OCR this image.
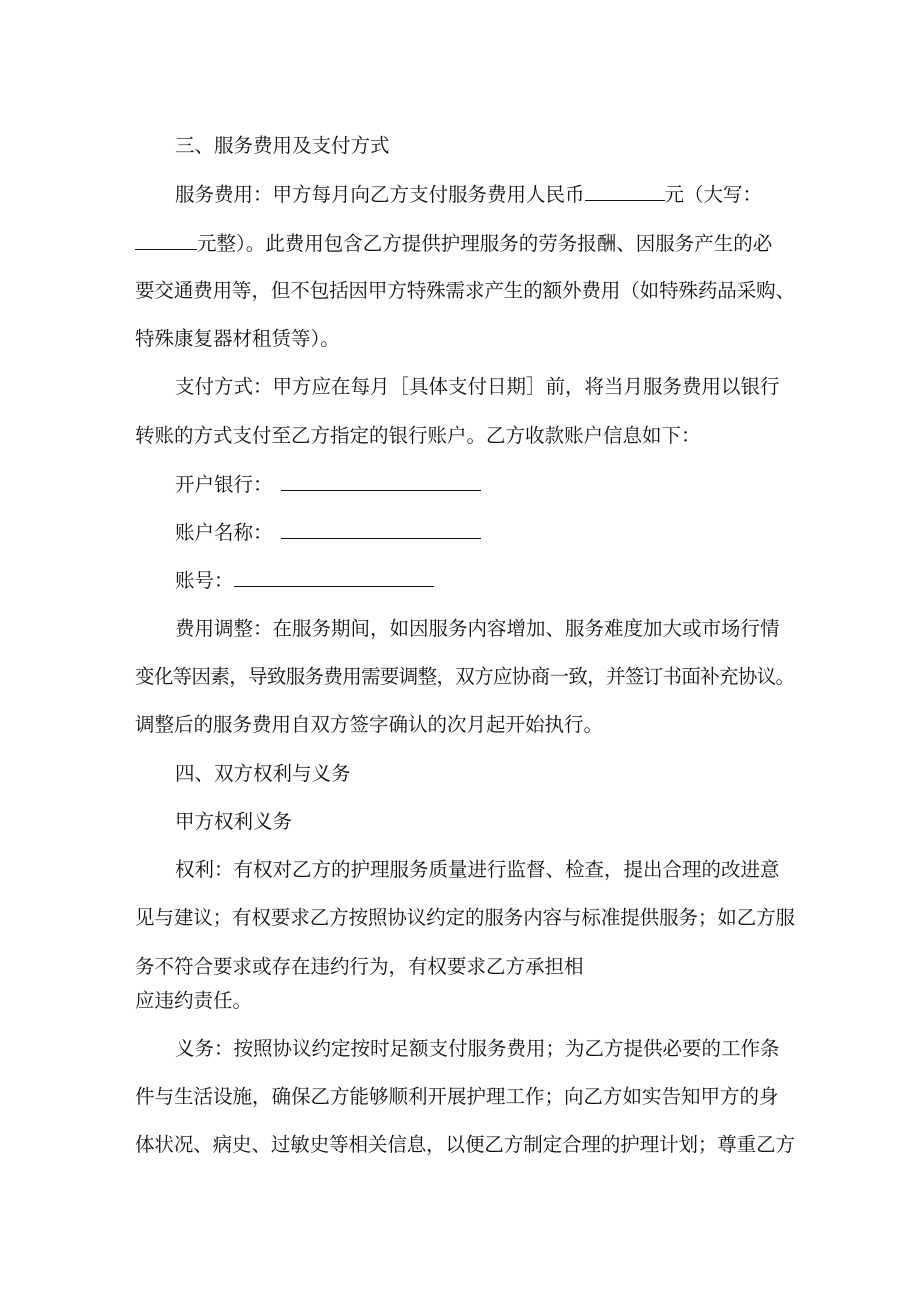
三、服务费用及支付方式
服务费用：甲方每月向乙方支付服务费用人民币	元（大写：
元整）。此费用包含乙方提供护理服务的劳务报酬、因服务产生的必
要交通费用等，但不包括因甲方特殊需求产生的额外费用（如特殊药品采购、
特殊康复器材租赁等）。
支付方式：甲方应在每月［具体支付日期］前，将当月服务费用以银行
转账的方式支付至乙方指定的银行账户。乙方收款账户信息如下：
开户银行：
账户名称：
账号：
费用调整：在服务期间，如因服务内容增加、服务难度加大或市场行情
变化等因素，导致服务费用需要调整，双方应协商一致，并签订书面补充协议。
调整后的服务费用自双方签字确认的次月起开始执行。
四、双方权利与义务
甲方权利义务
权利：有权对乙方的护理服务质量进行监督、检查，提出合理的改进意
见与建议；有权要求乙方按照协议约定的服务内容与标准提供服务；如乙方服
务不符合要求或存在违约行为，有权要求乙方承担相
应违约责任。
义务：按照协议约定按时足额支付服务费用；为乙方提供必要的工作条
件与生活设施，确保乙方能够顺利开展护理工作；向乙方如实告知甲方的身
体状况、病史、过敏史等相关信息，以便乙方制定合理的护理计划；尊重乙方
